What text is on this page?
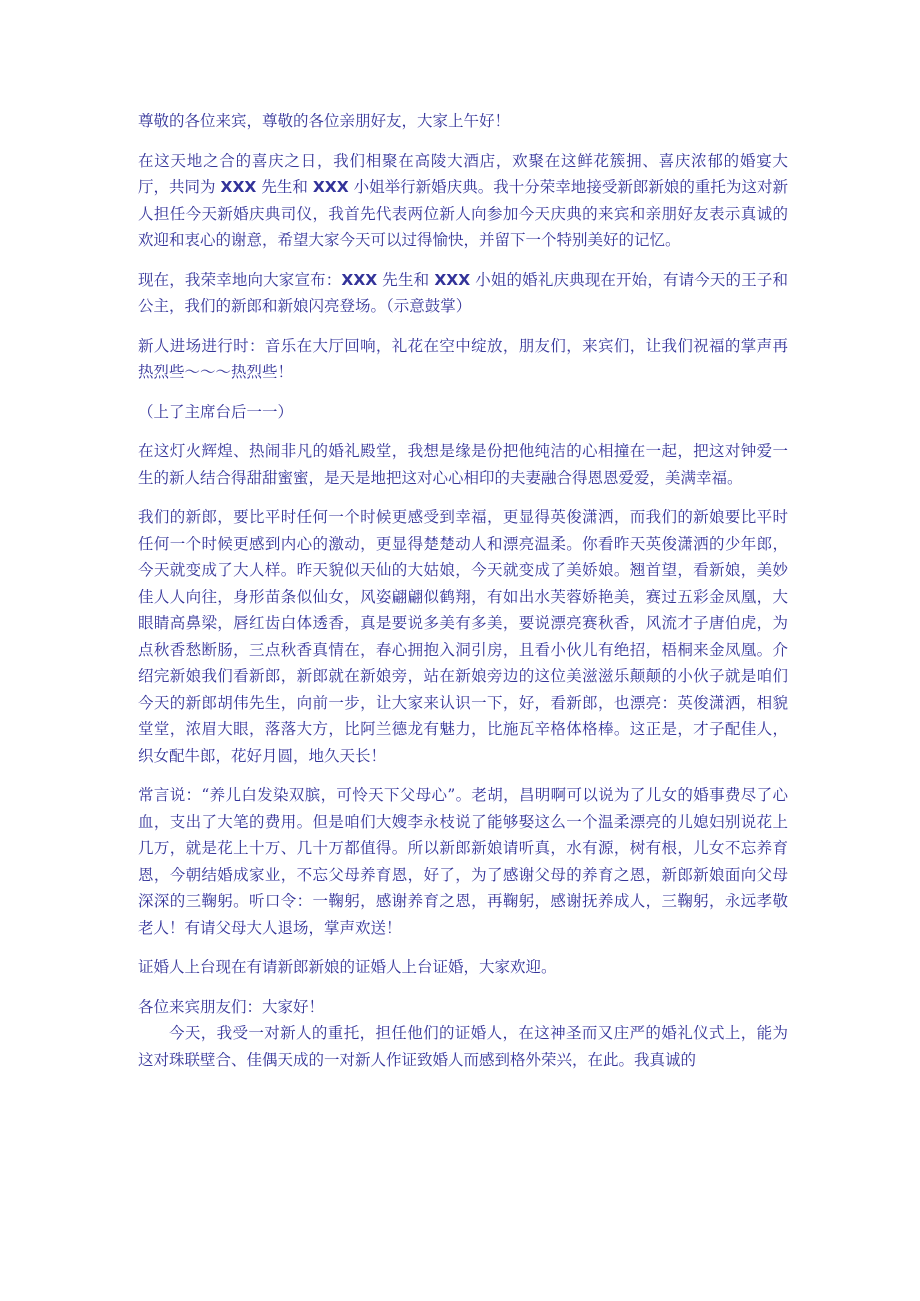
尊敬的各位来宾，尊敬的各位亲朋好友，大家上午好！

在这天地之合的喜庆之日，我们相聚在高陵大酒店，欢聚在这鲜花簇拥、喜庆浓郁的婚宴大厅，共同为 XXX 先生和 XXX 小姐举行新婚庆典。我十分荣幸地接受新郎新娘的重托为这对新人担任今天新婚庆典司仪，我首先代表两位新人向参加今天庆典的来宾和亲朋好友表示真诚的欢迎和衷心的谢意，希望大家今天可以过得愉快，并留下一个特别美好的记忆。

现在，我荣幸地向大家宣布：XXX 先生和 XXX 小姐的婚礼庆典现在开始，有请今天的王子和公主，我们的新郎和新娘闪亮登场。（示意鼓掌）

新人进场进行时：音乐在大厅回响，礼花在空中绽放，朋友们，来宾们，让我们祝福的掌声再热烈些～～～热烈些！

（上了主席台后一一）

在这灯火辉煌、热闹非凡的婚礼殿堂，我想是缘是份把他纯洁的心相撞在一起，把这对钟爱一生的新人结合得甜甜蜜蜜，是天是地把这对心心相印的夫妻融合得恩恩爱爱，美满幸福。

我们的新郎，要比平时任何一个时候更感受到幸福，更显得英俊潇洒，而我们的新娘要比平时任何一个时候更感到内心的激动，更显得楚楚动人和漂亮温柔。你看昨天英俊潇洒的少年郎，今天就变成了大人样。昨天貌似天仙的大姑娘，今天就变成了美娇娘。翘首望，看新娘，美妙佳人人向往，身形苗条似仙女，风姿翩翩似鹤翔，有如出水芙蓉娇艳美，赛过五彩金凤凰，大眼睛高鼻梁，唇红齿白体透香，真是要说多美有多美，要说漂亮赛秋香，风流才子唐伯虎，为点秋香愁断肠，三点秋香真情在，春心拥抱入洞引房，且看小伙儿有绝招，梧桐来金凤凰。介绍完新娘我们看新郎，新郎就在新娘旁，站在新娘旁边的这位美滋滋乐颠颠的小伙子就是咱们今天的新郎胡伟先生，向前一步，让大家来认识一下，好，看新郎，也漂亮：英俊潇洒，相貌堂堂，浓眉大眼，落落大方，比阿兰德龙有魅力，比施瓦辛格体格棒。这正是，才子配佳人，织女配牛郎，花好月圆，地久天长！

常言说：“养儿白发染双膑，可怜天下父母心”。老胡，昌明啊可以说为了儿女的婚事费尽了心血，支出了大笔的费用。但是咱们大嫂李永枝说了能够娶这么一个温柔漂亮的儿媳妇别说花上几万，就是花上十万、几十万都值得。所以新郎新娘请听真，水有源，树有根，儿女不忘养育恩，今朝结婚成家业，不忘父母养育恩，好了，为了感谢父母的养育之恩，新郎新娘面向父母深深的三鞠躬。听口令：一鞠躬，感谢养育之恩，再鞠躬，感谢抚养成人，三鞠躬，永远孝敬老人！有请父母大人退场，掌声欢送！

证婚人上台现在有请新郎新娘的证婚人上台证婚，大家欢迎。

各位来宾朋友们：大家好！

今天，我受一对新人的重托，担任他们的证婚人，在这神圣而又庄严的婚礼仪式上，能为这对珠联壁合、佳偶天成的一对新人作证致婚人而感到格外荣兴，在此。我真诚的
